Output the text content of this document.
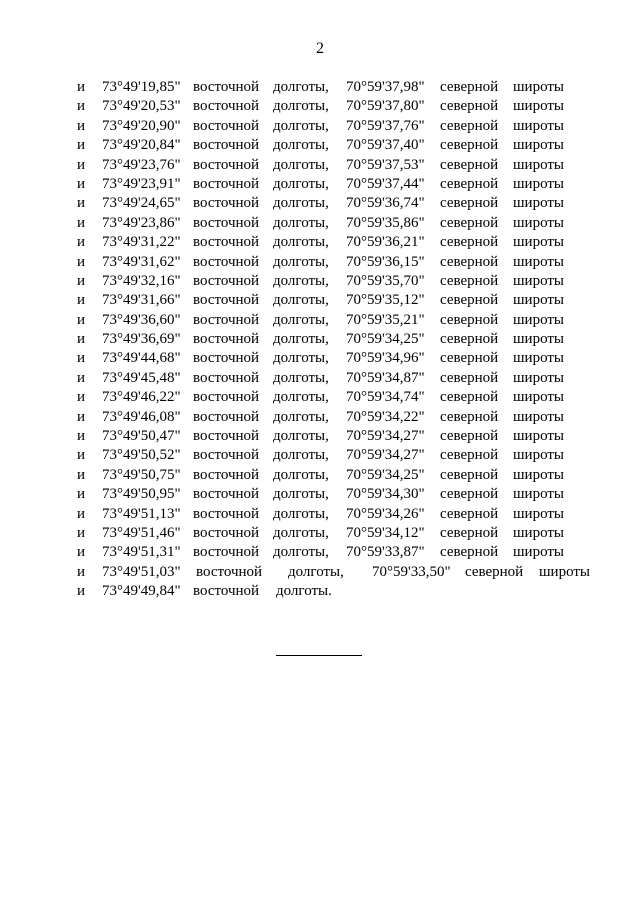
2
и 73°49'19,85" восточной долготы, 70°59'37,98" северной широты
и 73°49'20,53" восточной долготы, 70°59'37,80" северной широты
и 73°49'20,90" восточной долготы, 70°59'37,76" северной широты
и 73°49'20,84" восточной долготы, 70°59'37,40" северной широты
и 73°49'23,76" восточной долготы, 70°59'37,53" северной широты
и 73°49'23,91" восточной долготы, 70°59'37,44" северной широты
и 73°49'24,65" восточной долготы, 70°59'36,74" северной широты
и 73°49'23,86" восточной долготы, 70°59'35,86" северной широты
и 73°49'31,22" восточной долготы, 70°59'36,21" северной широты
и 73°49'31,62" восточной долготы, 70°59'36,15" северной широты
и 73°49'32,16" восточной долготы, 70°59'35,70" северной широты
и 73°49'31,66" восточной долготы, 70°59'35,12" северной широты
и 73°49'36,60" восточной долготы, 70°59'35,21" северной широты
и 73°49'36,69" восточной долготы, 70°59'34,25" северной широты
и 73°49'44,68" восточной долготы, 70°59'34,96" северной широты
и 73°49'45,48" восточной долготы, 70°59'34,87" северной широты
и 73°49'46,22" восточной долготы, 70°59'34,74" северной широты
и 73°49'46,08" восточной долготы, 70°59'34,22" северной широты
и 73°49'50,47" восточной долготы, 70°59'34,27" северной широты
и 73°49'50,52" восточной долготы, 70°59'34,27" северной широты
и 73°49'50,75" восточной долготы, 70°59'34,25" северной широты
и 73°49'50,95" восточной долготы, 70°59'34,30" северной широты
и 73°49'51,13" восточной долготы, 70°59'34,26" северной широты
и 73°49'51,46" восточной долготы, 70°59'34,12" северной широты
и 73°49'51,31" восточной долготы, 70°59'33,87" северной широты
и 73°49'51,03" восточной долготы, 70°59'33,50" северной широты
и 73°49'49,84" восточной долготы.
